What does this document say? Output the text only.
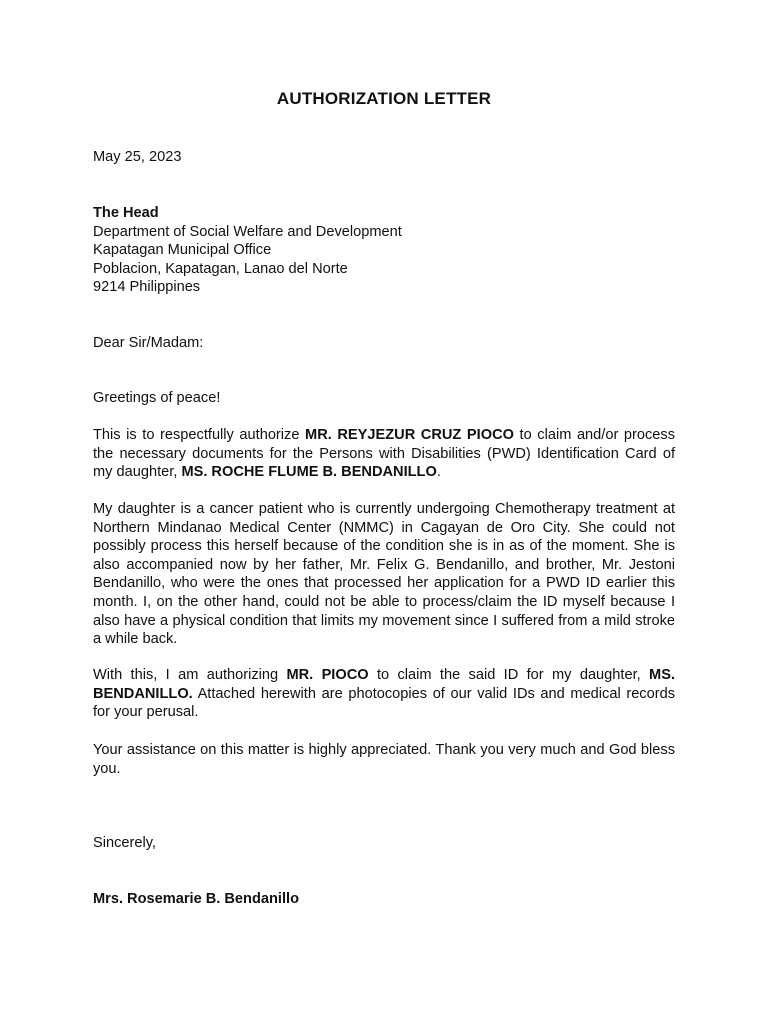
AUTHORIZATION LETTER
May 25, 2023
The Head
Department of Social Welfare and Development
Kapatagan Municipal Office
Poblacion, Kapatagan, Lanao del Norte
9214 Philippines
Dear Sir/Madam:
Greetings of peace!
This is to respectfully authorize MR. REYJEZUR CRUZ PIOCO to claim and/or process the necessary documents for the Persons with Disabilities (PWD) Identification Card of my daughter, MS. ROCHE FLUME B. BENDANILLO.
My daughter is a cancer patient who is currently undergoing Chemotherapy treatment at Northern Mindanao Medical Center (NMMC) in Cagayan de Oro City. She could not possibly process this herself because of the condition she is in as of the moment. She is also accompanied now by her father, Mr. Felix G. Bendanillo, and brother, Mr. Jestoni Bendanillo, who were the ones that processed her application for a PWD ID earlier this month. I, on the other hand, could not be able to process/claim the ID myself because I also have a physical condition that limits my movement since I suffered from a mild stroke a while back.
With this, I am authorizing MR. PIOCO to claim the said ID for my daughter, MS. BENDANILLO. Attached herewith are photocopies of our valid IDs and medical records for your perusal.
Your assistance on this matter is highly appreciated. Thank you very much and God bless you.
Sincerely,
Mrs. Rosemarie B. Bendanillo
